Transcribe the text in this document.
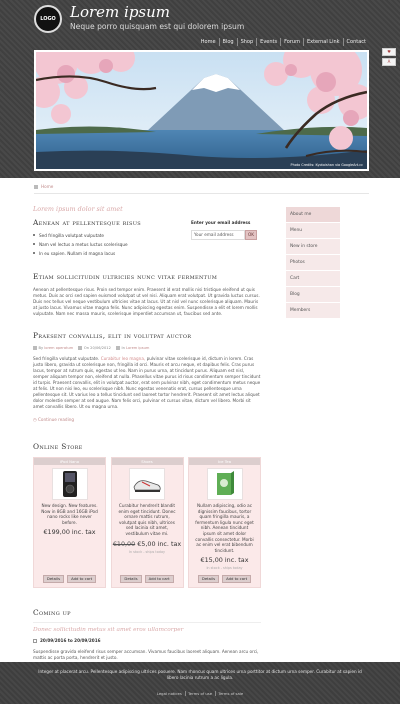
LOGO Lorem ipsum
Neque porro quisquam est qui dolorem ipsum
Home	Blog	Shop	Events	Forum	External Link	Contact
♥
A
Photo Credits: Kyotoishan via GoogleArt.cc
Home
Lorem ipsum dolor sit amet
Aenean at pellentesque risus
Sed fringilla volutpat vulputate
Nam vel lectus a metus luctus scelerisque
In eu sapien. Nullam id magna lacus
Enter your email address
Your email address	OK
Etiam sollicitudin ultricies nunc vitae fermentum
Aenean at pellentesque risus. Proin sed tempor enim. Praesent id erat mollis nisi tristique eleifend ut quis metus. Duis ac orci sed sapien euismod volutpat ut vel nisi. Aliquam erat volutpat. Ut gravida luctus cursus. Duis nec tellus vel neque vestibulum ultricies vitae at lacus. Ut at nisl vel nunc scelerisque aliquam. Mauris at justo lacus. Vivamus vitae magna felis. Nunc adipiscing egestas enim. Suspendisse a elit et lorem mollis vulputate. Nam nec massa mauris, scelerisque imperdiet accumsan ut, faucibus sed ante.
Praesent convallis, elit in volutpat auctor
By lorem operatum	On 20/06/2012	In Lorem ipsum
Sed fringilla volutpat vulputate. Curabitur leo magna, pulvinar vitae scelerisque id, dictum in lorem. Cras justo libero, gravida ut scelerisque non, fringilla id orci. Mauris et arcu neque, et dapibus felis. Cras purus lacus, tempor at rutrum quis, egestas ut leo. Nam in purus urna, at tincidunt purus. Aliquam est nisl, semper aliquam tempor non, eleifend at nulla. Phasellus vitae purus id risus condimentum semper tincidunt id turpis. Praesent convallis, elit in volutpat auctor, erat sem pulvinar nibh, eget condimentum metus neque at felis. Ut non nisi leo, eu scelerisque nibh. Nunc egestas venenatis erat, cursus pellentesque urna pellentesque sit. Ut varius leo a tellus tincidunt sed laoreet tortor hendrerit. Praesent sit amet lectus aliquet dolor molestie semper at sed augue. Nam felis orci, pulvinar et cursus vitae, dictum vel libero. Morbi sit amet convallis libero. Ut eu magna urna.
◷ Continue reading
Online Store
iPod Nano
New design. New features. Now in 8GB and 16GB iPod nano rocks like never before.
€199,00 inc. tax
Details	Add to cart
Shoes
Curabitur hendrerit blandit enim eget tincidunt. Donec ornare mattis rutrum, volutpat quis nibh, ultrices sed lacinia sit amet, vestibulum vitae mi.
€10,00 €5,00 inc. tax
In stock - ships today
Details	Add to cart
Ice Tea
Nullam adipiscing, odio ac dignissim faucibus, tortor quam fringilla mauris, a fermentum ligula nunc eget nibh. Aenean tincidunt ipsum sit amet dolor convallis consectetur. Morbi ac enim vel erat bibendum tincidunt.
€15,00 inc. tax
In stock - ships today
Details	Add to cart
Coming up
Donec sollicitudin metus sit amet eros ullamcorper
20/09/2016 to 20/09/2016
Suspendisse gravida eleifend risus semper accumsan. Vivamus faucibus laoreet aliquam. Aenean arcu orci, mattis ac porta porta, hendrerit et justo.
About me
Menu
New in store
Photos
Cart
Blog
Members
Integer at placerat arcu. Pellentesque adipiscing ultrices posuere. Nam rhoncus quam ultrices urna porttitor at dictum urna semper. Curabitur at sapien id libero lacinia rutrum a ac ligula.
Legal notices Terms of use Terms of sale
